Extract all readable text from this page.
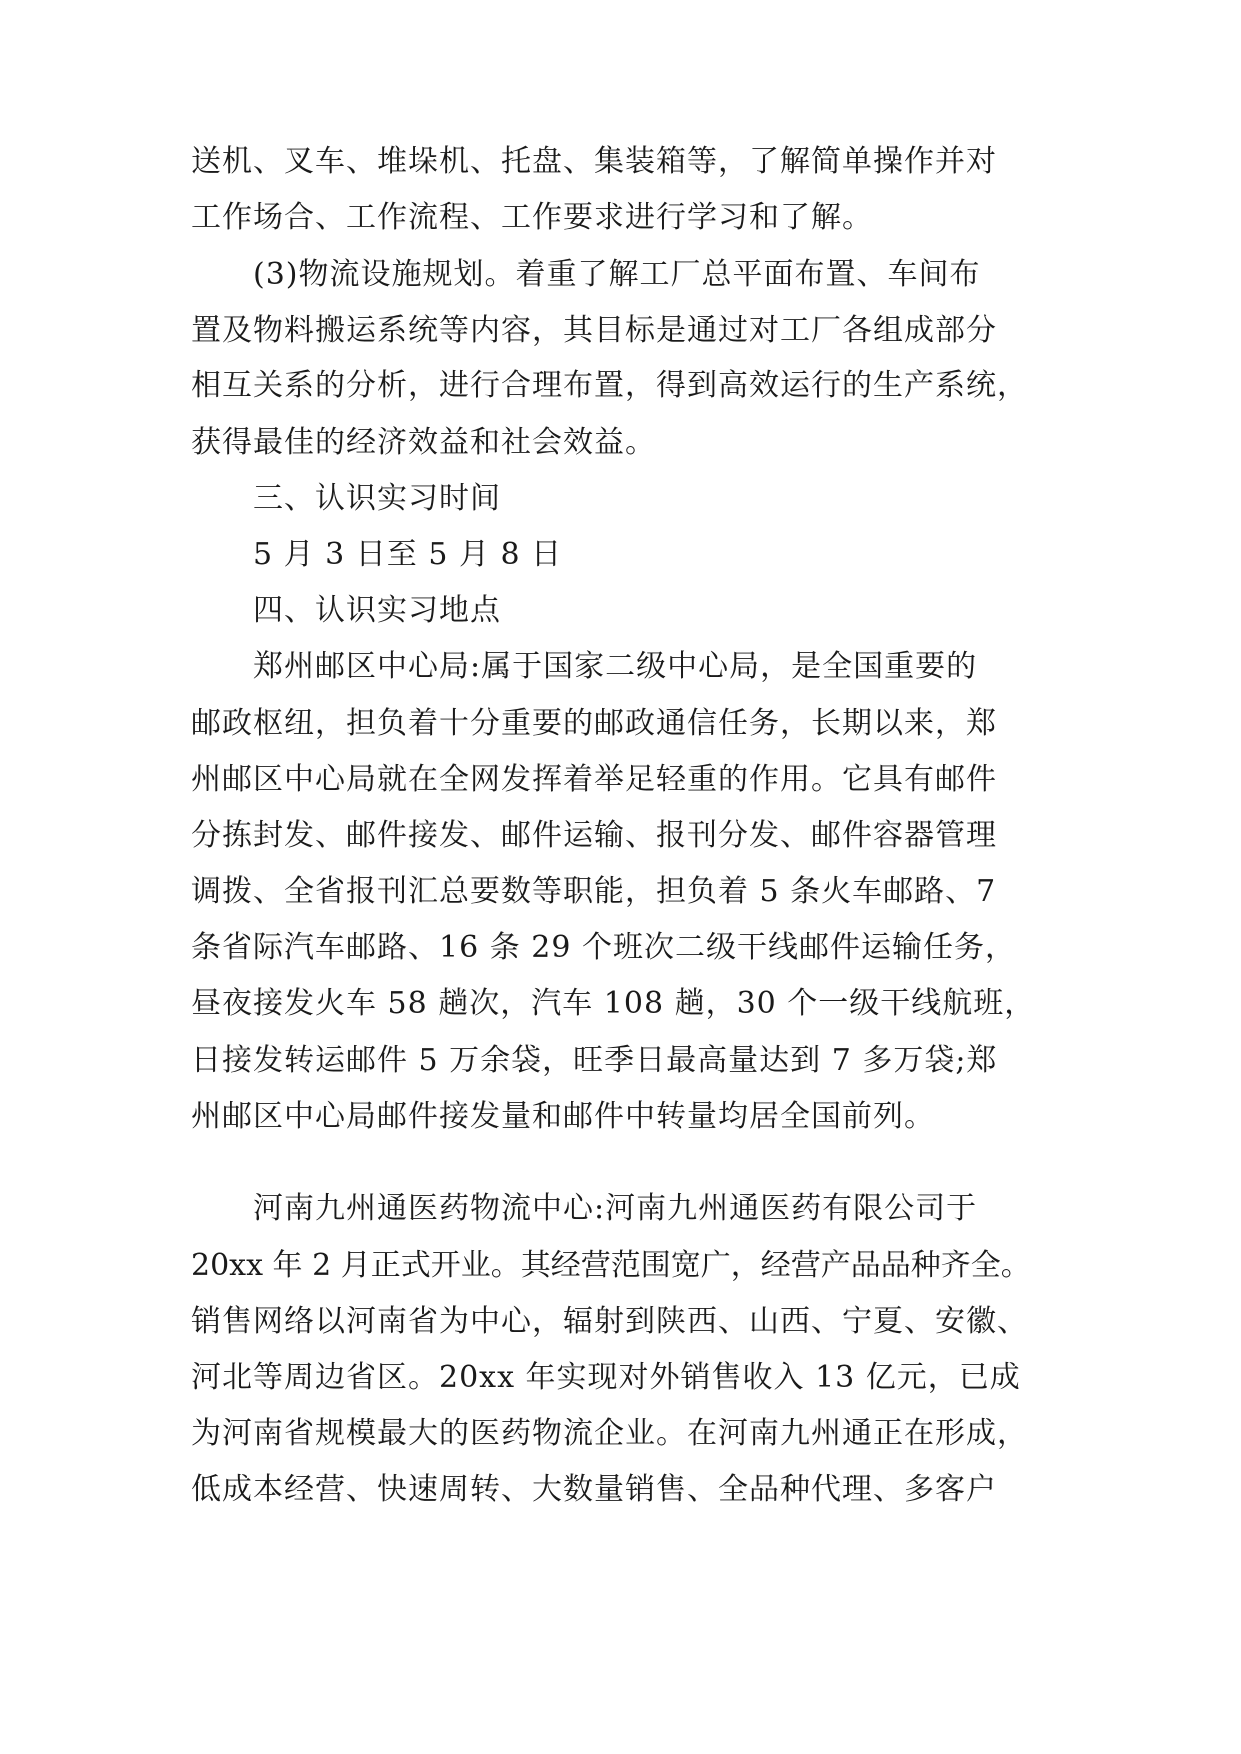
送机、叉车、堆垛机、托盘、集装箱等，了解简单操作并对
工作场合、工作流程、工作要求进行学习和了解。
(3)物流设施规划。着重了解工厂总平面布置、车间布
置及物料搬运系统等内容，其目标是通过对工厂各组成部分
相互关系的分析，进行合理布置，得到高效运行的生产系统，
获得最佳的经济效益和社会效益。
三、认识实习时间
5 月 3 日至 5 月 8 日
四、认识实习地点
郑州邮区中心局:属于国家二级中心局，是全国重要的
邮政枢纽，担负着十分重要的邮政通信任务，长期以来，郑
州邮区中心局就在全网发挥着举足轻重的作用。它具有邮件
分拣封发、邮件接发、邮件运输、报刊分发、邮件容器管理
调拨、全省报刊汇总要数等职能，担负着 5 条火车邮路、7
条省际汽车邮路、16 条 29 个班次二级干线邮件运输任务，
昼夜接发火车 58 趟次，汽车 108 趟，30 个一级干线航班，
日接发转运邮件 5 万余袋，旺季日最高量达到 7 多万袋;郑
州邮区中心局邮件接发量和邮件中转量均居全国前列。
河南九州通医药物流中心:河南九州通医药有限公司于
20xx 年 2 月正式开业。其经营范围宽广，经营产品品种齐全。
销售网络以河南省为中心，辐射到陕西、山西、宁夏、安徽、
河北等周边省区。20xx 年实现对外销售收入 13 亿元，已成
为河南省规模最大的医药物流企业。在河南九州通正在形成，
低成本经营、快速周转、大数量销售、全品种代理、多客户
